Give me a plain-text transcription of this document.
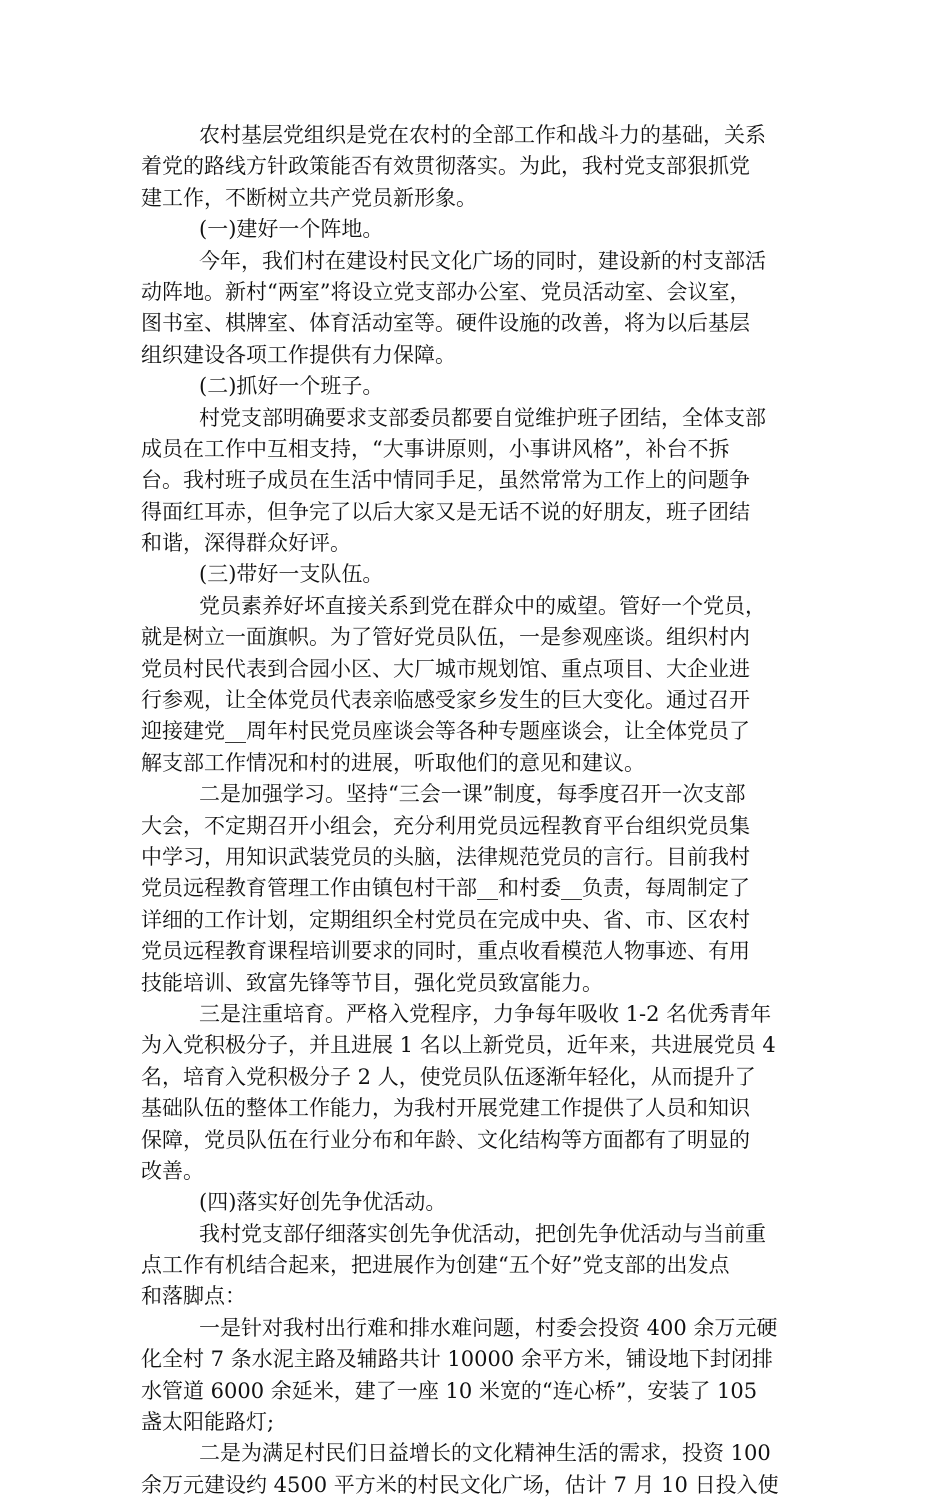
农村基层党组织是党在农村的全部工作和战斗力的基础，关系
着党的路线方针政策能否有效贯彻落实。为此，我村党支部狠抓党
建工作，不断树立共产党员新形象。
(一)建好一个阵地。
今年，我们村在建设村民文化广场的同时，建设新的村支部活
动阵地。新村“两室”将设立党支部办公室、党员活动室、会议室，
图书室、棋牌室、体育活动室等。硬件设施的改善，将为以后基层
组织建设各项工作提供有力保障。
(二)抓好一个班子。
村党支部明确要求支部委员都要自觉维护班子团结，全体支部
成员在工作中互相支持，“大事讲原则，小事讲风格”，补台不拆
台。我村班子成员在生活中情同手足，虽然常常为工作上的问题争
得面红耳赤，但争完了以后大家又是无话不说的好朋友，班子团结
和谐，深得群众好评。
(三)带好一支队伍。
党员素养好坏直接关系到党在群众中的威望。管好一个党员，
就是树立一面旗帜。为了管好党员队伍，一是参观座谈。组织村内
党员村民代表到合园小区、大厂城市规划馆、重点项目、大企业进
行参观，让全体党员代表亲临感受家乡发生的巨大变化。通过召开
迎接建党__周年村民党员座谈会等各种专题座谈会，让全体党员了
解支部工作情况和村的进展，听取他们的意见和建议。
二是加强学习。坚持“三会一课”制度，每季度召开一次支部
大会，不定期召开小组会，充分利用党员远程教育平台组织党员集
中学习，用知识武装党员的头脑，法律规范党员的言行。目前我村
党员远程教育管理工作由镇包村干部__和村委__负责，每周制定了
详细的工作计划，定期组织全村党员在完成中央、省、市、区农村
党员远程教育课程培训要求的同时，重点收看模范人物事迹、有用
技能培训、致富先锋等节目，强化党员致富能力。
三是注重培育。严格入党程序，力争每年吸收 1-2 名优秀青年
为入党积极分子，并且进展 1 名以上新党员，近年来，共进展党员 4
名，培育入党积极分子 2 人，使党员队伍逐渐年轻化，从而提升了
基础队伍的整体工作能力，为我村开展党建工作提供了人员和知识
保障，党员队伍在行业分布和年龄、文化结构等方面都有了明显的
改善。
(四)落实好创先争优活动。
我村党支部仔细落实创先争优活动，把创先争优活动与当前重
点工作有机结合起来，把进展作为创建“五个好”党支部的出发点
和落脚点：
一是针对我村出行难和排水难问题，村委会投资 400 余万元硬
化全村 7 条水泥主路及辅路共计 10000 余平方米，铺设地下封闭排
水管道 6000 余延米，建了一座 10 米宽的“连心桥”，安装了 105
盏太阳能路灯;
二是为满足村民们日益增长的文化精神生活的需求，投资 100
余万元建设约 4500 平方米的村民文化广场，估计 7 月 10 日投入使
